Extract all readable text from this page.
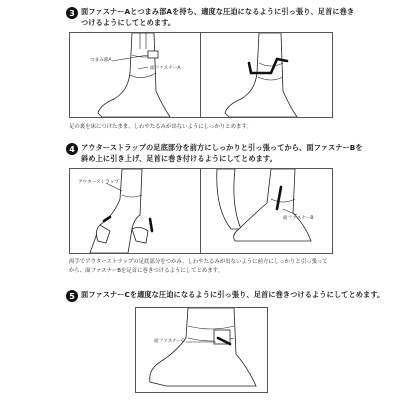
3 面ファスナーAとつまみ部Aを持ち、適度な圧迫になるように引っ張り、足首に巻き
つけるようにしてとめます。
つまみ部A
面ファスナーA
足の裏を床につけたまま、しわやたるみが出ないようにしっかりとめます。
4 アウターストラップの足底部分を前方にしっかりと引っ張ってから、面ファスナーBを
斜め上に引き上げ、足首に巻き付けるようにしてとめます。
アウターストラップ
面ファスナーB
両手でアウターストラップの足底部分をつかみ、しわやたるみが出ないように前方にしっかりと引っ張って
から、面ファスナーBを足首に巻きつけるようにしてとめます。
5 面ファスナーCを適度な圧迫になるように引っ張り、足首に巻きつけるようにしてとめます。
面ファスナーC
